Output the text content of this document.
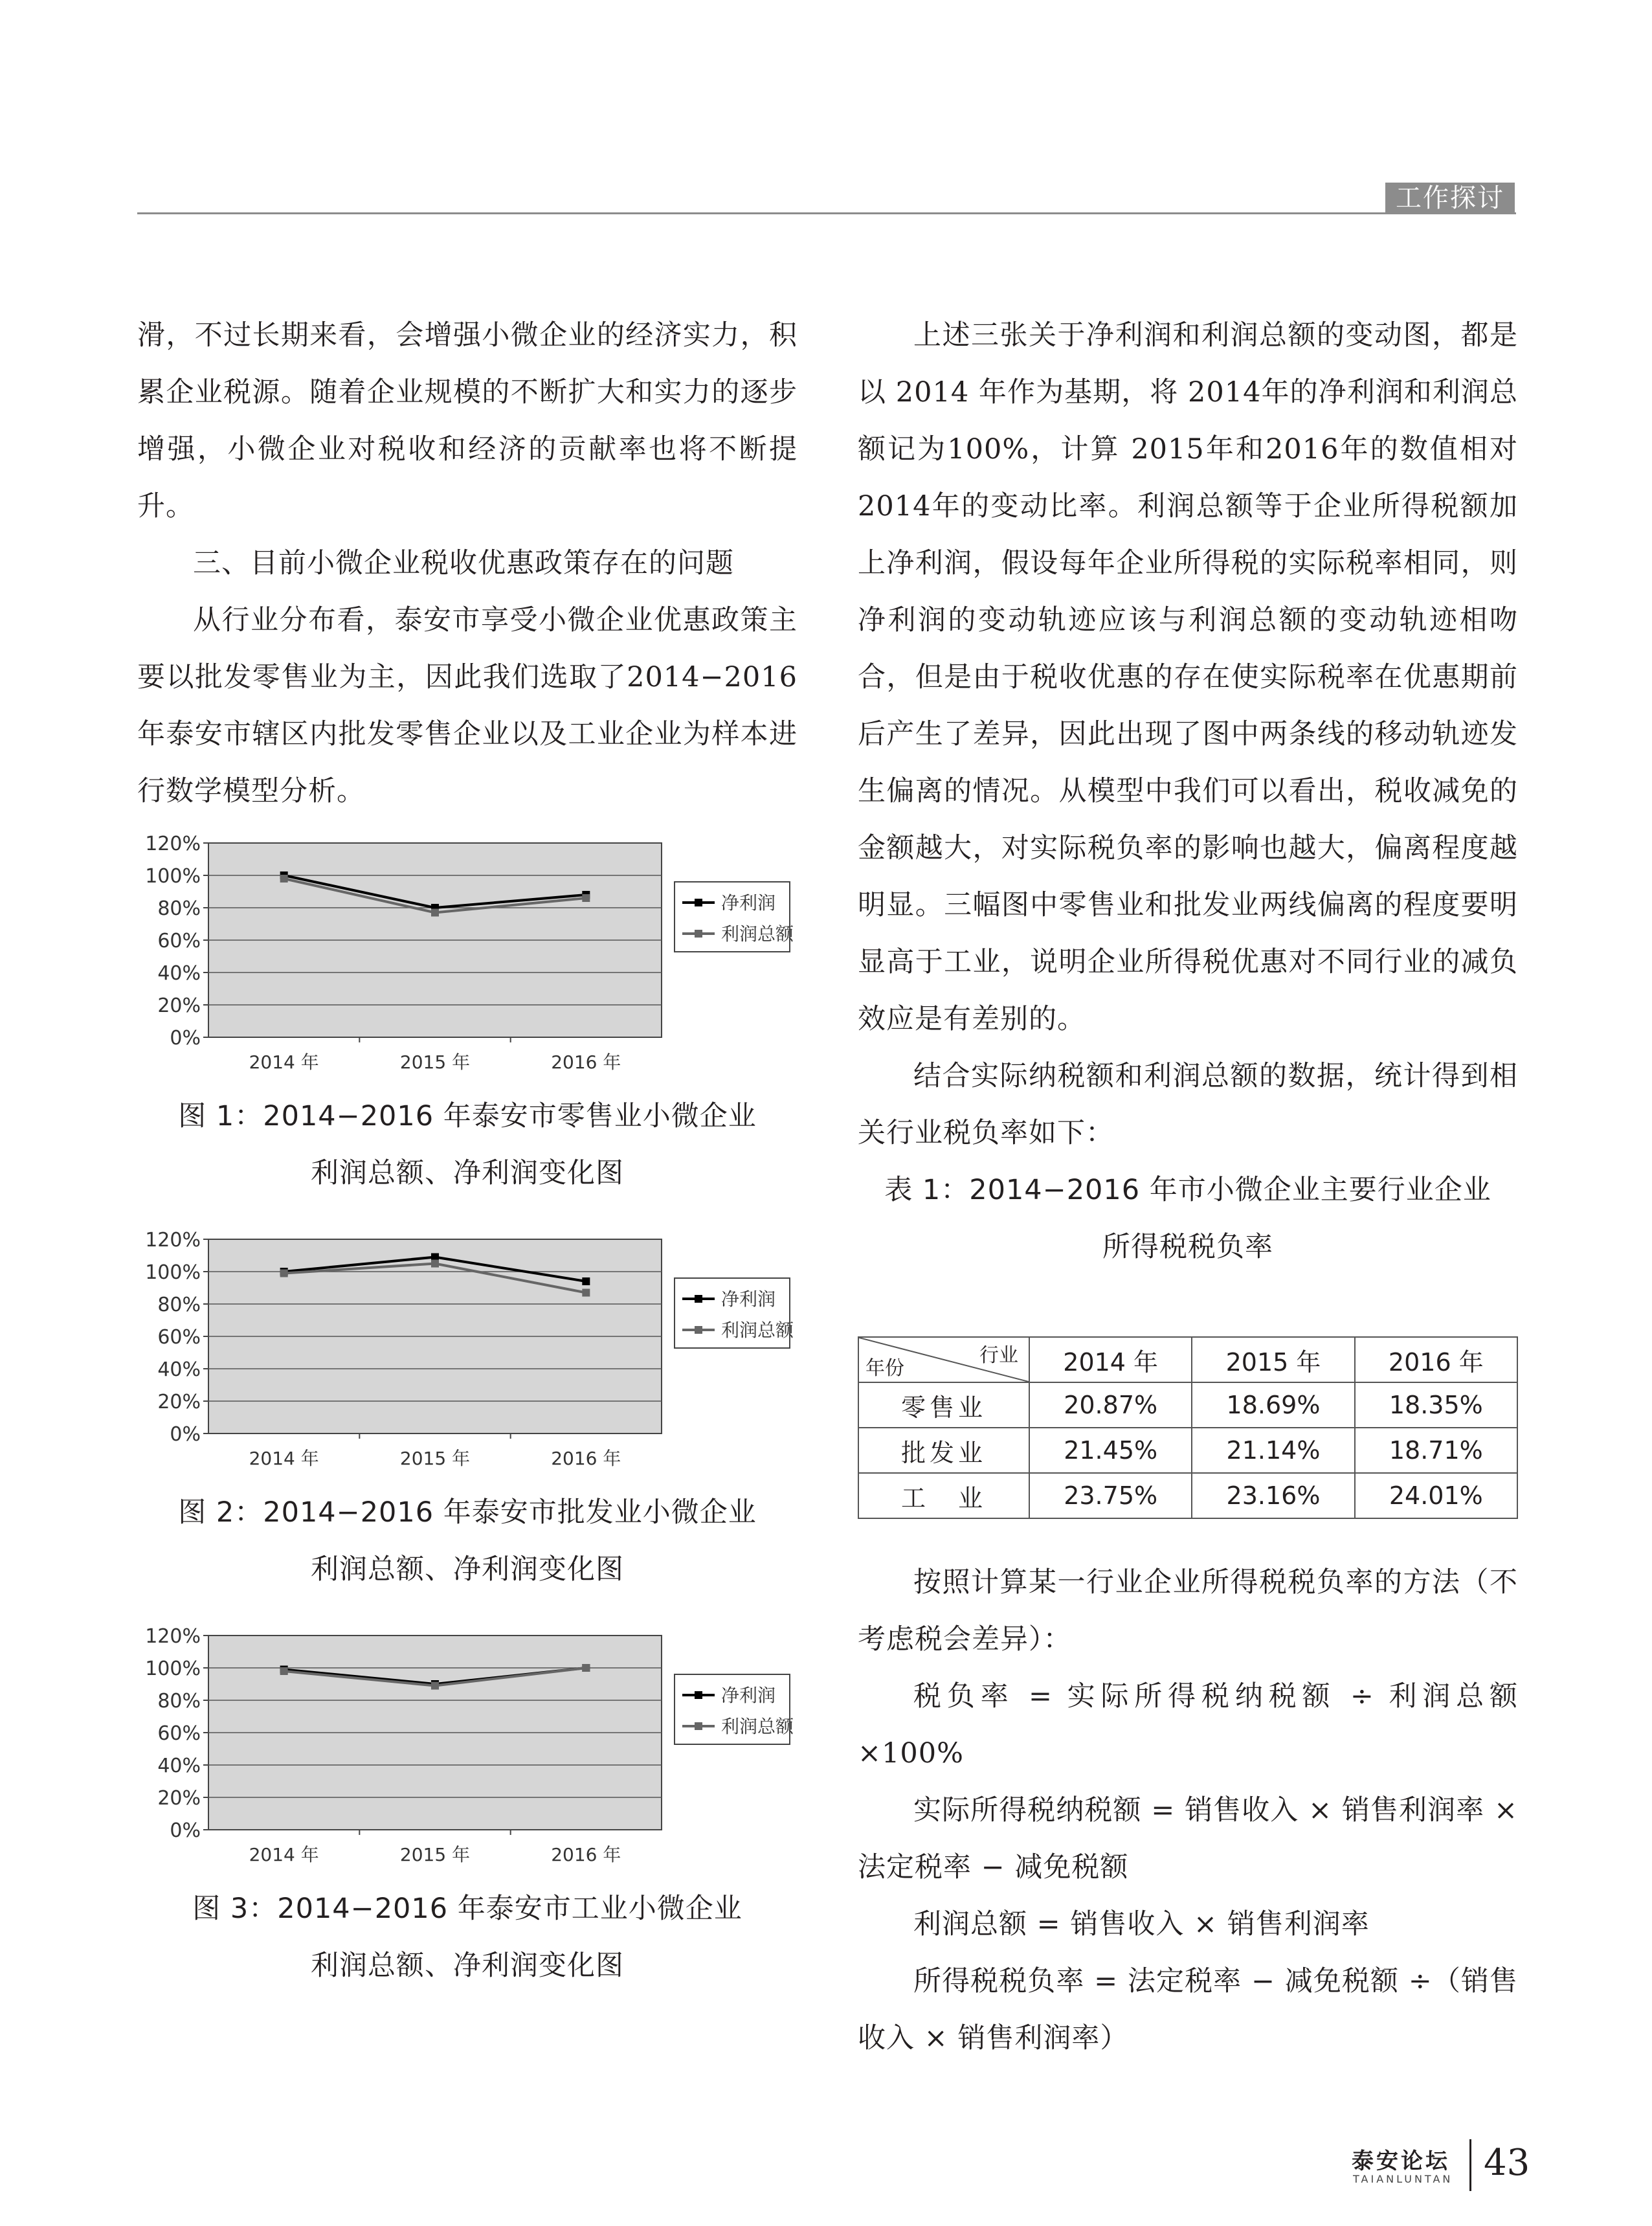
工作探讨

滑，不过长期来看，会增强小微企业的经济实力，积累企业税源。随着企业规模的不断扩大和实力的逐步增强，小微企业对税收和经济的贡献率也将不断提升。

三、目前小微企业税收优惠政策存在的问题

从行业分布看，泰安市享受小微企业优惠政策主要以批发零售业为主，因此我们选取了2014−2016年泰安市辖区内批发零售企业以及工业企业为样本进行数学模型分析。

0%
20%
40%
60%
80%
100%
120%
2014 年	2015 年	2016 年
净利润
利润总额
图 1：2014−2016 年泰安市零售业小微企业
利润总额、净利润变化图
0%
20%
40%
60%
80%
100%
120%
2014 年	2015 年	2016 年
净利润
利润总额
图 2：2014−2016 年泰安市批发业小微企业
利润总额、净利润变化图
0%
20%
40%
60%
80%
100%
120%
2014 年	2015 年	2016 年
净利润
利润总额
图 3：2014−2016 年泰安市工业小微企业
利润总额、净利润变化图

上述三张关于净利润和利润总额的变动图，都是以 2014 年作为基期，将 2014年的净利润和利润总额记为100%，计算 2015年和2016年的数值相对 2014年的变动比率。利润总额等于企业所得税额加上净利润，假设每年企业所得税的实际税率相同，则净利润的变动轨迹应该与利润总额的变动轨迹相吻合，但是由于税收优惠的存在使实际税率在优惠期前后产生了差异，因此出现了图中两条线的移动轨迹发生偏离的情况。从模型中我们可以看出，税收减免的金额越大，对实际税负率的影响也越大，偏离程度越明显。三幅图中零售业和批发业两线偏离的程度要明显高于工业，说明企业所得税优惠对不同行业的减负效应是有差别的。

结合实际纳税额和利润总额的数据，统计得到相关行业税负率如下：

表 1：2014−2016 年市小微企业主要行业企业

所得税税负率

行业
年份	2014 年	2015 年	2016 年
零售业	20.87%	18.69%	18.35%
批发业	21.45%	21.14%	18.71%
工　业	23.75%	23.16%	24.01%

按照计算某一行业企业所得税税负率的方法（不考虑税会差异）：

税负率 = 实际所得税纳税额 ÷ 利润总额 ×100%

实际所得税纳税额 = 销售收入 × 销售利润率 × 法定税率 − 减免税额

利润总额 = 销售收入 × 销售利润率

所得税税负率 = 法定税率 − 减免税额 ÷（销售收入 × 销售利润率）

泰安论坛
TAIANLUNTAN 43
